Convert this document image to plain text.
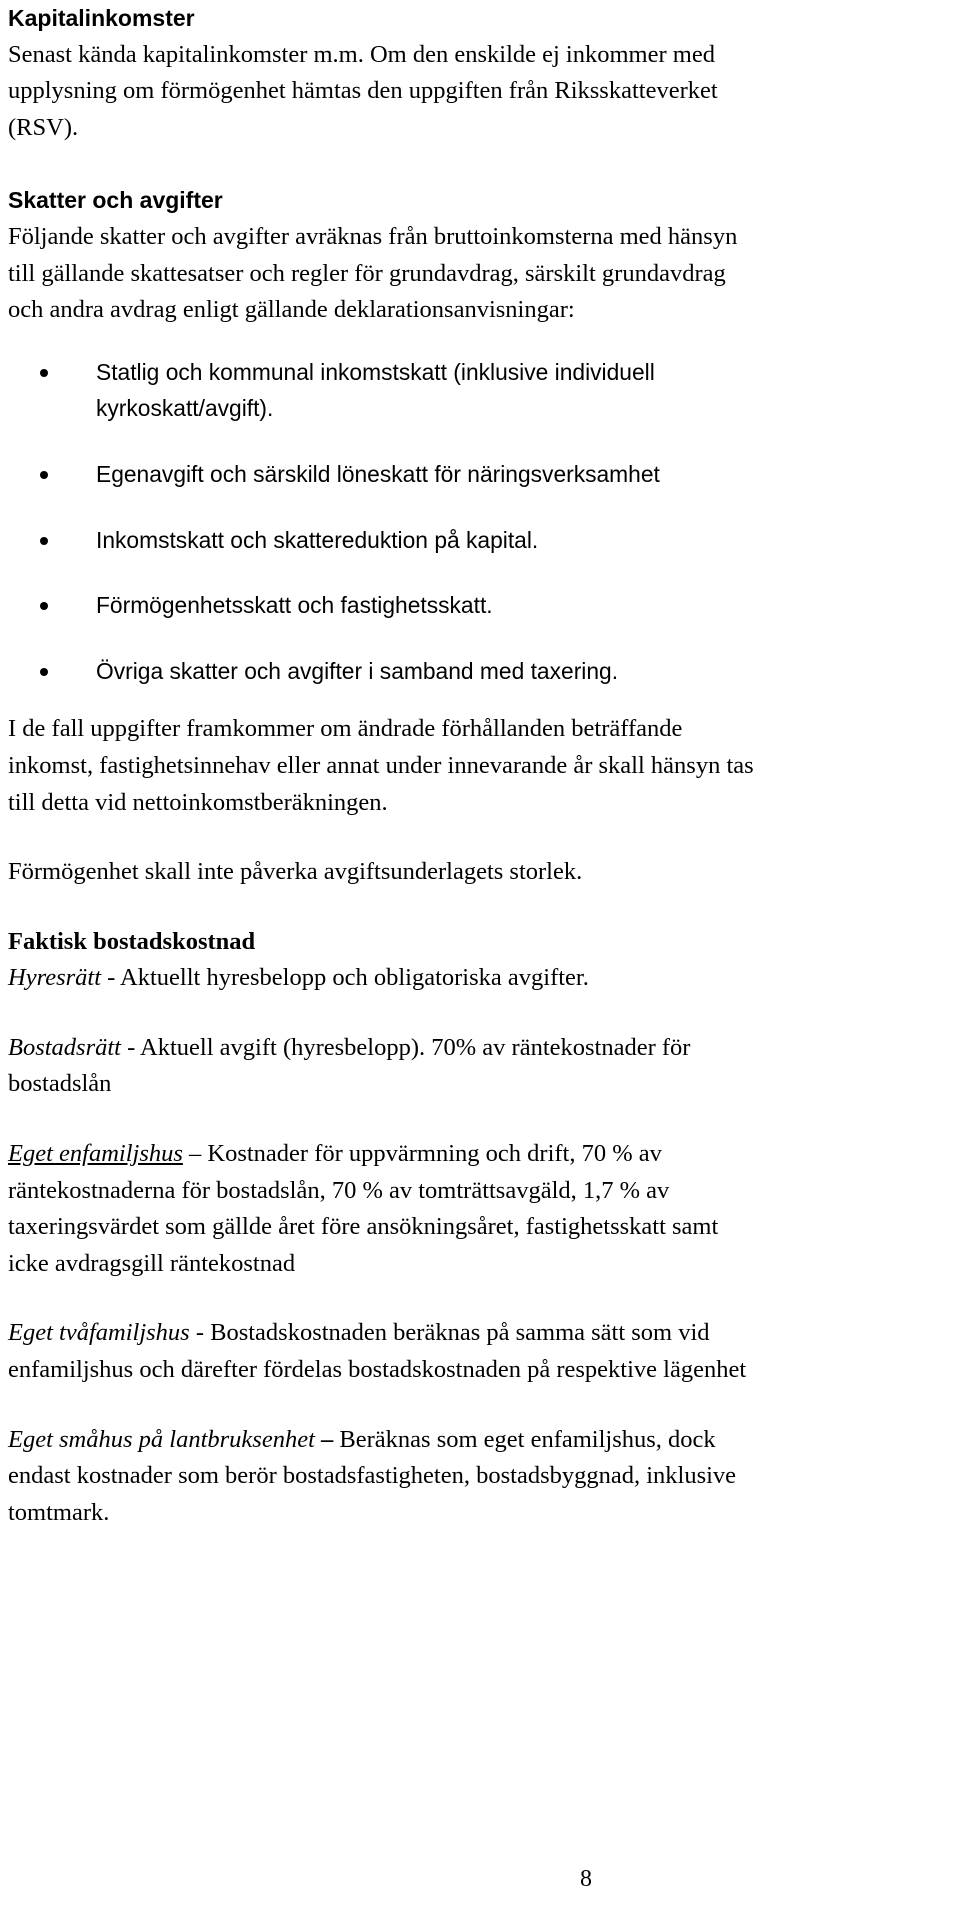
Kapitalinkomster
Senast kända kapitalinkomster m.m. Om den enskilde ej inkommer med
upplysning om förmögenhet hämtas den uppgiften från Riksskatteverket
(RSV).
Skatter och avgifter
Följande skatter och avgifter avräknas från bruttoinkomsterna med hänsyn
till gällande skattesatser och regler för grundavdrag, särskilt grundavdrag
och andra avdrag enligt gällande deklarationsanvisningar:
Statlig och kommunal inkomstskatt (inklusive individuell
kyrkoskatt/avgift).
Egenavgift och särskild löneskatt för näringsverksamhet
Inkomstskatt och skattereduktion på kapital.
Förmögenhetsskatt och fastighetsskatt.
Övriga skatter och avgifter i samband med taxering.
I de fall uppgifter framkommer om ändrade förhållanden beträffande
inkomst, fastighetsinnehav eller annat under innevarande år skall hänsyn tas
till detta vid nettoinkomstberäkningen.
Förmögenhet skall inte påverka avgiftsunderlagets storlek.
Faktisk bostadskostnad
Hyresrätt - Aktuellt hyresbelopp och obligatoriska avgifter.
Bostadsrätt - Aktuell avgift (hyresbelopp). 70% av räntekostnader för
bostadslån
Eget enfamiljshus – Kostnader för uppvärmning och drift, 70 % av
räntekostnaderna för bostadslån, 70 % av tomträttsavgäld, 1,7 % av
taxeringsvärdet som gällde året före ansökningsåret, fastighetsskatt samt
icke avdragsgill räntekostnad
Eget tvåfamiljshus - Bostadskostnaden beräknas på samma sätt som vid
enfamiljshus och därefter fördelas bostadskostnaden på respektive lägenhet
Eget småhus på lantbruksenhet – Beräknas som eget enfamiljshus, dock
endast kostnader som berör bostadsfastigheten, bostadsbyggnad, inklusive
tomtmark.
8
